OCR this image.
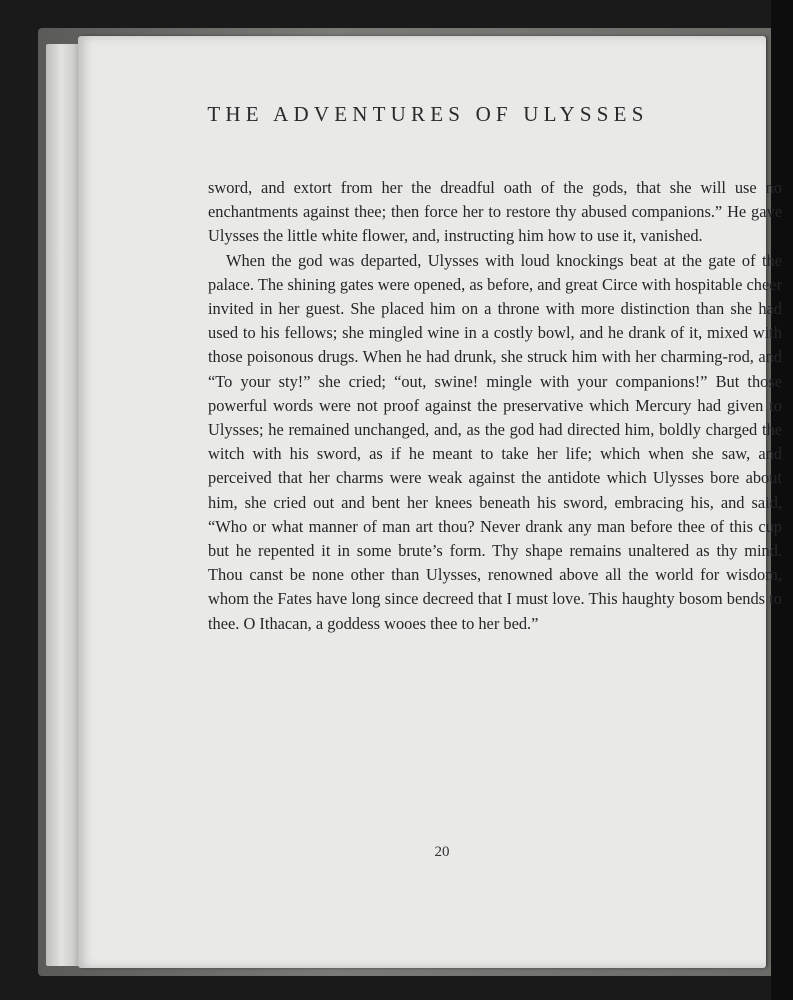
THE ADVENTURES OF ULYSSES

sword, and extort from her the dreadful oath of the gods, that she will use no enchantments against thee; then force her to restore thy abused companions.” He gave Ulysses the little white flower, and, instructing him how to use it, vanished.

When the god was departed, Ulysses with loud knockings beat at the gate of the palace. The shining gates were opened, as before, and great Circe with hospitable cheer invited in her guest. She placed him on a throne with more distinction than she had used to his fellows; she mingled wine in a costly bowl, and he drank of it, mixed with those poisonous drugs. When he had drunk, she struck him with her charming-rod, and “To your sty!” she cried; “out, swine! mingle with your companions!” But those powerful words were not proof against the preservative which Mercury had given to Ulysses; he remained unchanged, and, as the god had directed him, boldly charged the witch with his sword, as if he meant to take her life; which when she saw, and perceived that her charms were weak against the antidote which Ulysses bore about him, she cried out and bent her knees beneath his sword, embracing his, and said, “Who or what manner of man art thou? Never drank any man before thee of this cup but he repented it in some brute’s form. Thy shape remains unaltered as thy mind. Thou canst be none other than Ulysses, renowned above all the world for wisdom, whom the Fates have long since decreed that I must love. This haughty bosom bends to thee. O Ithacan, a goddess wooes thee to her bed.”

20
